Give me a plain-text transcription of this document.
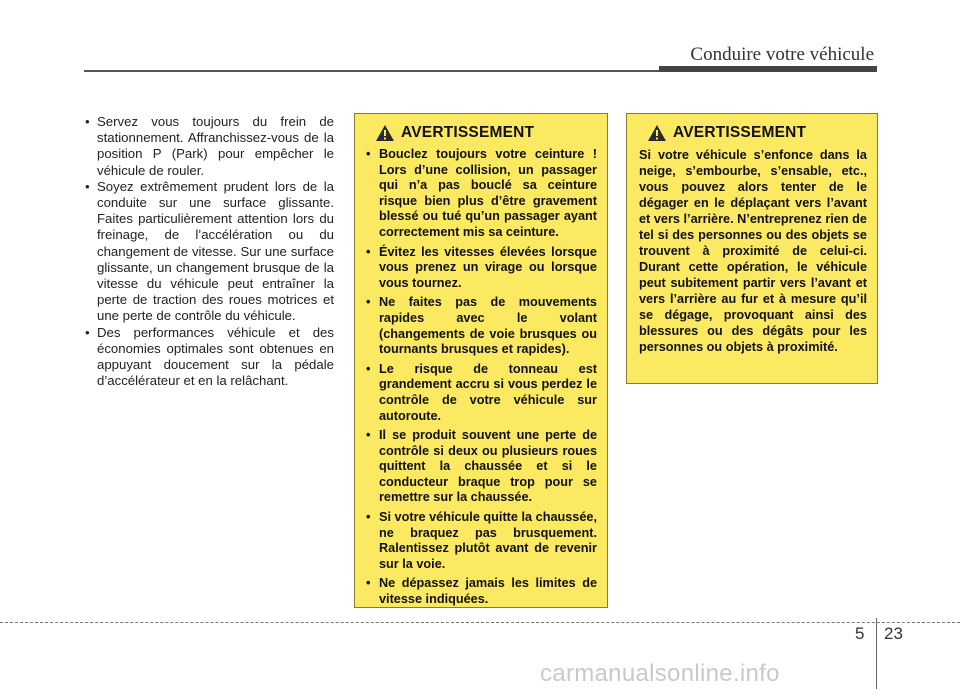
Conduire votre véhicule
• Servez vous toujours du frein de stationnement. Affranchissez-vous de la position P (Park) pour empêcher le véhicule de rouler.
• Soyez extrêmement prudent lors de la conduite sur une surface glissante. Faites particulièrement attention lors du freinage, de l’accélération ou du changement de vitesse. Sur une surface glissante, un changement brusque de la vitesse du véhicule peut entraîner la perte de traction des roues motrices et une perte de contrôle du véhicule.
• Des performances véhicule et des économies optimales sont obtenues en appuyant doucement sur la pédale d’accélérateur et en la relâchant.
AVERTISSEMENT
• Bouclez toujours votre ceinture ! Lors d’une collision, un passager qui n’a pas bouclé sa ceinture risque bien plus d’être gravement blessé ou tué qu’un passager ayant correctement mis sa ceinture.
• Évitez les vitesses élevées lorsque vous prenez un virage ou lorsque vous tournez.
• Ne faites pas de mouvements rapides avec le volant (changements de voie brusques ou tournants brusques et rapides).
• Le risque de tonneau est grandement accru si vous perdez le contrôle de votre véhicule sur autoroute.
• Il se produit souvent une perte de contrôle si deux ou plusieurs roues quittent la chaussée et si le conducteur braque trop pour se remettre sur la chaussée.
• Si votre véhicule quitte la chaussée, ne braquez pas brusquement. Ralentissez plutôt avant de revenir sur la voie.
• Ne dépassez jamais les limites de vitesse indiquées.
AVERTISSEMENT

Si votre véhicule s’enfonce dans la neige, s’embourbe, s’ensable, etc., vous pouvez alors tenter de le dégager en le déplaçant vers l’avant et vers l’arrière. N’entreprenez rien de tel si des personnes ou des objets se trouvent à proximité de celui-ci. Durant cette opération, le véhicule peut subitement partir vers l’avant et vers l’arrière au fur et à mesure qu’il se dégage, provoquant ainsi des blessures ou des dégâts pour les personnes ou objets à proximité.

5 23
carmanualsonline.info
